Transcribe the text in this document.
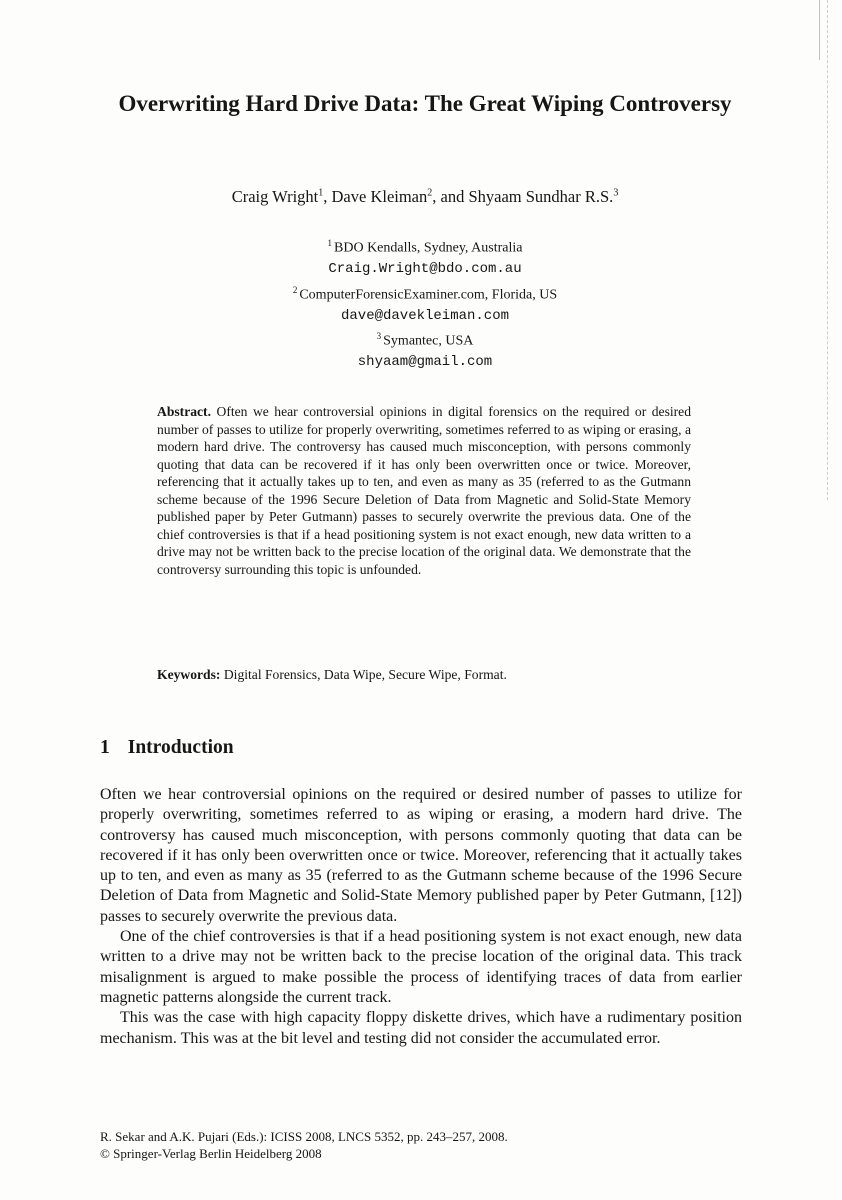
Overwriting Hard Drive Data: The Great Wiping Controversy
Craig Wright$^1$, Dave Kleiman$^2$, and Shyaam Sundhar R.S.$^3$
$^1$ BDO Kendalls, Sydney, Australia
Craig.Wright@bdo.com.au
$^2$ ComputerForensicExaminer.com, Florida, US
dave@davekleiman.com
$^3$ Symantec, USA
shyaam@gmail.com
Abstract. Often we hear controversial opinions in digital forensics on the required or desired number of passes to utilize for properly overwriting, sometimes referred to as wiping or erasing, a modern hard drive. The controversy has caused much misconception, with persons commonly quoting that data can be recovered if it has only been overwritten once or twice. Moreover, referencing that it actually takes up to ten, and even as many as 35 (referred to as the Gutmann scheme because of the 1996 Secure Deletion of Data from Magnetic and Solid-State Memory published paper by Peter Gutmann) passes to securely overwrite the previous data. One of the chief controversies is that if a head positioning system is not exact enough, new data written to a drive may not be written back to the precise location of the original data. We demonstrate that the controversy surrounding this topic is unfounded.
Keywords: Digital Forensics, Data Wipe, Secure Wipe, Format.
1 Introduction

Often we hear controversial opinions on the required or desired number of passes to utilize for properly overwriting, sometimes referred to as wiping or erasing, a modern hard drive. The controversy has caused much misconception, with persons commonly quoting that data can be recovered if it has only been overwritten once or twice. Moreover, referencing that it actually takes up to ten, and even as many as 35 (referred to as the Gutmann scheme because of the 1996 Secure Deletion of Data from Magnetic and Solid-State Memory published paper by Peter Gutmann, [12]) passes to securely overwrite the previous data.

One of the chief controversies is that if a head positioning system is not exact enough, new data written to a drive may not be written back to the precise location of the original data. This track misalignment is argued to make possible the process of identifying traces of data from earlier magnetic patterns alongside the current track.

This was the case with high capacity floppy diskette drives, which have a rudimentary position mechanism. This was at the bit level and testing did not consider the accumulated error.

R. Sekar and A.K. Pujari (Eds.): ICISS 2008, LNCS 5352, pp. 243–257, 2008.
© Springer-Verlag Berlin Heidelberg 2008
